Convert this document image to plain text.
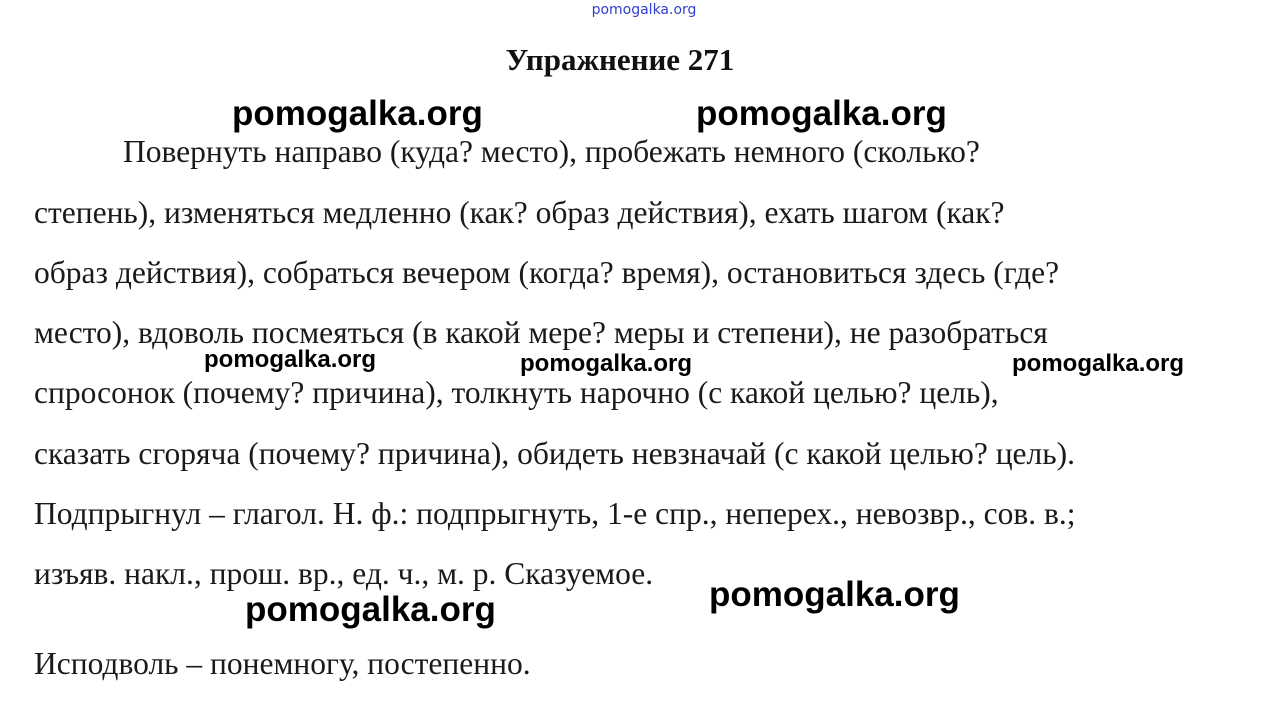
pomogalka.org
Упражнение 271
pomogalka.org	pomogalka.org
Повернуть направо (куда? место), пробежать немного (сколько?
степень), изменяться медленно (как? образ действия), ехать шагом (как?
образ действия), собраться вечером (когда? время), остановиться здесь (где?
место), вдоволь посмеяться (в какой мере? меры и степени), не разобраться
pomogalka.org	pomogalka.org	pomogalka.org
спросонок (почему? причина), толкнуть нарочно (с какой целью? цель),
сказать сгоряча (почему? причина), обидеть невзначай (с какой целью? цель).
Подпрыгнул – глагол. Н. ф.: подпрыгнуть, 1-е спр., неперех., невозвр., сов. в.;
изъяв. накл., прош. вр., ед. ч., м. р. Сказуемое.
pomogalka.org
pomogalka.org
Исподволь – понемногу, постепенно.
